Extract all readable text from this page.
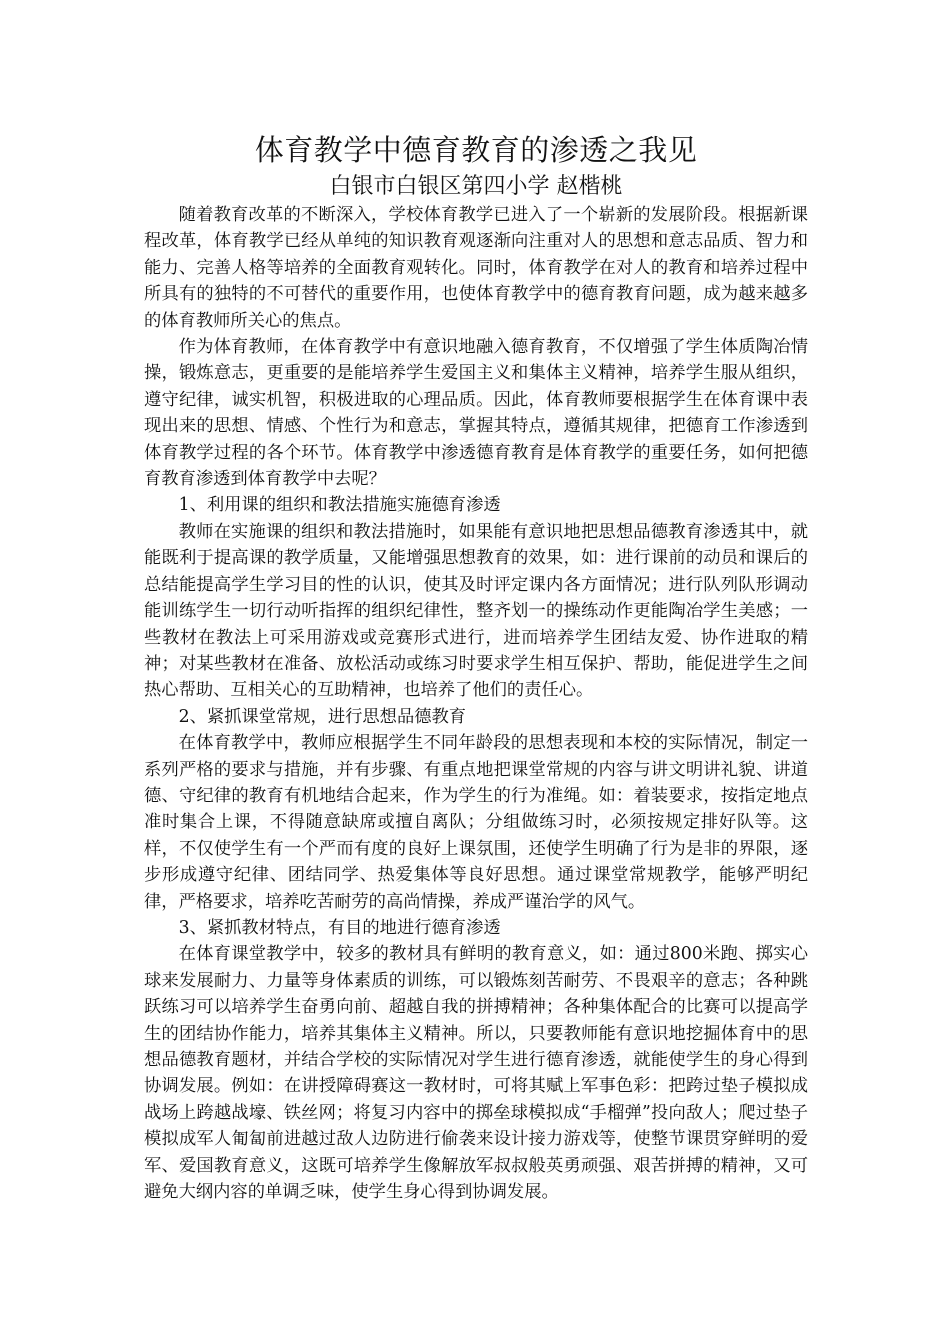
体育教学中德育教育的渗透之我见
白银市白银区第四小学 赵楷桃

随着教育改革的不断深入，学校体育教学已进入了一个崭新的发展阶段。根据新课程改革，体育教学已经从单纯的知识教育观逐渐向注重对人的思想和意志品质、智力和能力、完善人格等培养的全面教育观转化。同时，体育教学在对人的教育和培养过程中所具有的独特的不可替代的重要作用，也使体育教学中的德育教育问题，成为越来越多的体育教师所关心的焦点。

作为体育教师，在体育教学中有意识地融入德育教育，不仅增强了学生体质陶冶情操，锻炼意志，更重要的是能培养学生爱国主义和集体主义精神，培养学生服从组织，遵守纪律，诚实机智，积极进取的心理品质。因此，体育教师要根据学生在体育课中表现出来的思想、情感、个性行为和意志，掌握其特点，遵循其规律，把德育工作渗透到体育教学过程的各个环节。体育教学中渗透德育教育是体育教学的重要任务，如何把德育教育渗透到体育教学中去呢？

1、利用课的组织和教法措施实施德育渗透

教师在实施课的组织和教法措施时，如果能有意识地把思想品德教育渗透其中，就能既利于提高课的教学质量，又能增强思想教育的效果，如：进行课前的动员和课后的总结能提高学生学习目的性的认识，使其及时评定课内各方面情况；进行队列队形调动能训练学生一切行动听指挥的组织纪律性，整齐划一的操练动作更能陶冶学生美感；一些教材在教法上可采用游戏或竞赛形式进行，进而培养学生团结友爱、协作进取的精神；对某些教材在准备、放松活动或练习时要求学生相互保护、帮助，能促进学生之间热心帮助、互相关心的互助精神，也培养了他们的责任心。

2、紧抓课堂常规，进行思想品德教育

在体育教学中，教师应根据学生不同年龄段的思想表现和本校的实际情况，制定一系列严格的要求与措施，并有步骤、有重点地把课堂常规的内容与讲文明讲礼貌、讲道德、守纪律的教育有机地结合起来，作为学生的行为准绳。如：着装要求，按指定地点准时集合上课，不得随意缺席或擅自离队；分组做练习时，必须按规定排好队等。这样，不仅使学生有一个严而有度的良好上课氛围，还使学生明确了行为是非的界限，逐步形成遵守纪律、团结同学、热爱集体等良好思想。通过课堂常规教学，能够严明纪律，严格要求，培养吃苦耐劳的高尚情操，养成严谨治学的风气。

3、紧抓教材特点，有目的地进行德育渗透

在体育课堂教学中，较多的教材具有鲜明的教育意义，如：通过800米跑、掷实心球来发展耐力、力量等身体素质的训练，可以锻炼刻苦耐劳、不畏艰辛的意志；各种跳跃练习可以培养学生奋勇向前、超越自我的拼搏精神；各种集体配合的比赛可以提高学生的团结协作能力，培养其集体主义精神。所以，只要教师能有意识地挖掘体育中的思想品德教育题材，并结合学校的实际情况对学生进行德育渗透，就能使学生的身心得到协调发展。例如：在讲授障碍赛这一教材时，可将其赋上军事色彩：把跨过垫子模拟成战场上跨越战壕、铁丝网；将复习内容中的掷垒球模拟成“手榴弹”投向敌人；爬过垫子模拟成军人匍匐前进越过敌人边防进行偷袭来设计接力游戏等，使整节课贯穿鲜明的爱军、爱国教育意义，这既可培养学生像解放军叔叔般英勇顽强、艰苦拼搏的精神，又可避免大纲内容的单调乏味，使学生身心得到协调发展。
